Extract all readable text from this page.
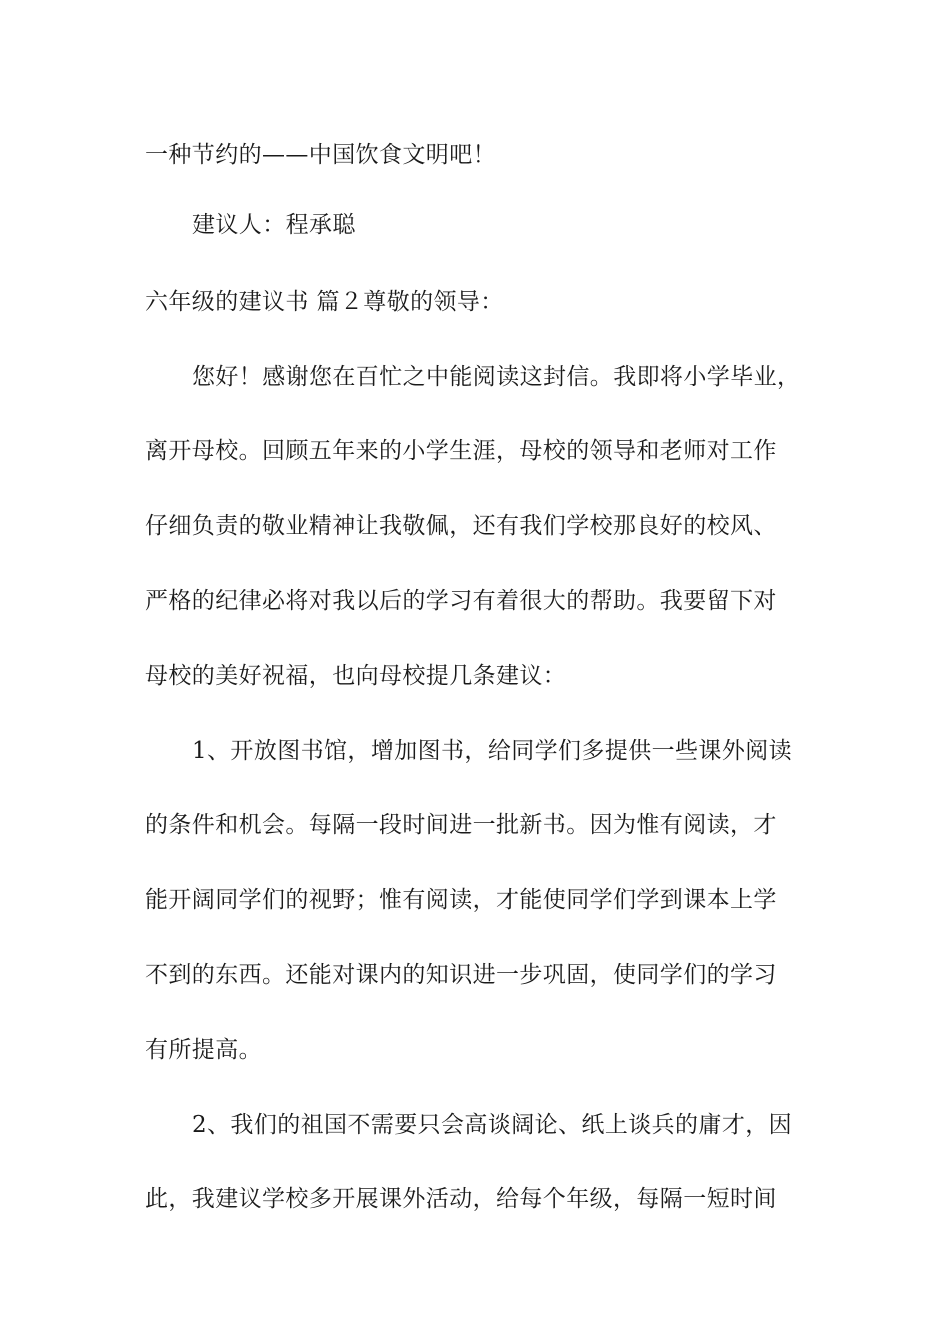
一种节约的——中国饮食文明吧！
建议人：程承聪
六年级的建议书 篇２尊敬的领导：
您好！感谢您在百忙之中能阅读这封信。我即将小学毕业，
离开母校。回顾五年来的小学生涯，母校的领导和老师对工作
仔细负责的敬业精神让我敬佩，还有我们学校那良好的校风、
严格的纪律必将对我以后的学习有着很大的帮助。我要留下对
母校的美好祝福，也向母校提几条建议：
1、开放图书馆，增加图书，给同学们多提供一些课外阅读
的条件和机会。每隔一段时间进一批新书。因为惟有阅读，才
能开阔同学们的视野；惟有阅读，才能使同学们学到课本上学
不到的东西。还能对课内的知识进一步巩固，使同学们的学习
有所提高。
2、我们的祖国不需要只会高谈阔论、纸上谈兵的庸才，因
此，我建议学校多开展课外活动，给每个年级，每隔一短时间
